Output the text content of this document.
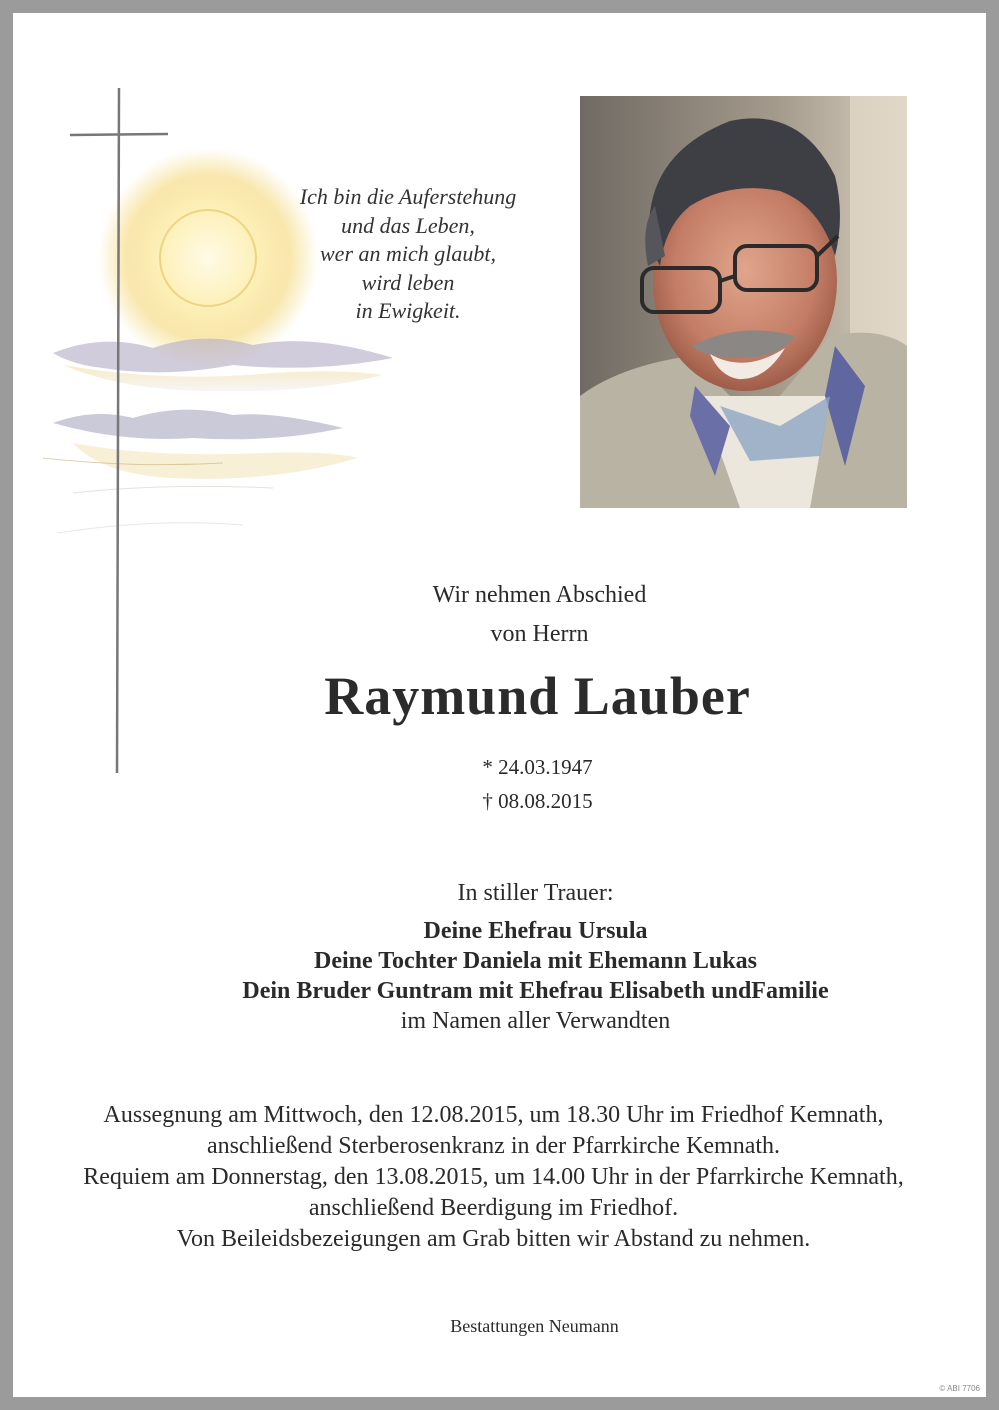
Ich bin die Auferstehung
und das Leben,
wer an mich glaubt,
wird leben
in Ewigkeit.
Wir nehmen Abschied
von Herrn
Raymund Lauber
* 24.03.1947
† 08.08.2015
In stiller Trauer:
Deine Ehefrau Ursula
Deine Tochter Daniela mit Ehemann Lukas
Dein Bruder Guntram mit Ehefrau Elisabeth undFamilie
im Namen aller Verwandten
Aussegnung am Mittwoch, den 12.08.2015, um 18.30 Uhr im Friedhof Kemnath,
anschließend Sterberosenkranz in der Pfarrkirche Kemnath.
Requiem am Donnerstag, den 13.08.2015, um 14.00 Uhr in der Pfarrkirche Kemnath,
anschließend Beerdigung im Friedhof.
Von Beileidsbezeigungen am Grab bitten wir Abstand zu nehmen.
Bestattungen Neumann
© ABI 7706
